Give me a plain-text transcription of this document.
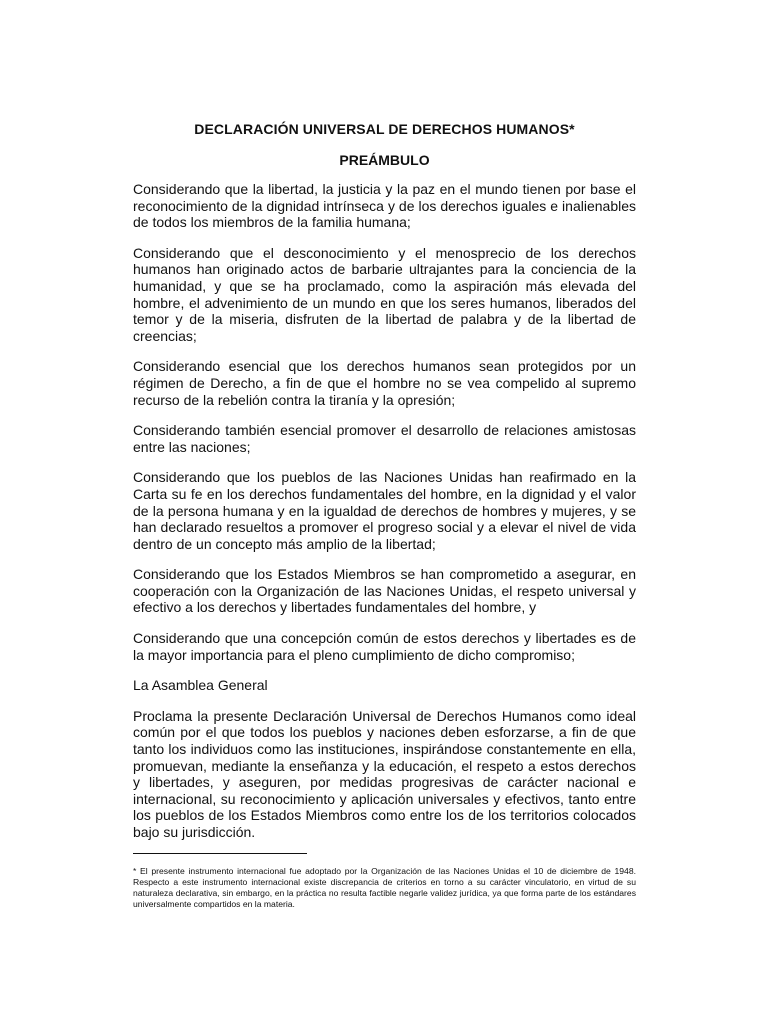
DECLARACIÓN UNIVERSAL DE DERECHOS HUMANOS*
PREÁMBULO

Considerando que la libertad, la justicia y la paz en el mundo tienen por base el reconocimiento de la dignidad intrínseca y de los derechos iguales e inalienables de todos los miembros de la familia humana;

Considerando que el desconocimiento y el menosprecio de los derechos humanos han originado actos de barbarie ultrajantes para la conciencia de la humanidad, y que se ha proclamado, como la aspiración más elevada del hombre, el advenimiento de un mundo en que los seres humanos, liberados del temor y de la miseria, disfruten de la libertad de palabra y de la libertad de creencias;

Considerando esencial que los derechos humanos sean protegidos por un régimen de Derecho, a fin de que el hombre no se vea compelido al supremo recurso de la rebelión contra la tiranía y la opresión;

Considerando también esencial promover el desarrollo de relaciones amistosas entre las naciones;

Considerando que los pueblos de las Naciones Unidas han reafirmado en la Carta su fe en los derechos fundamentales del hombre, en la dignidad y el valor de la persona humana y en la igualdad de derechos de hombres y mujeres, y se han declarado resueltos a promover el progreso social y a elevar el nivel de vida dentro de un concepto más amplio de la libertad;

Considerando que los Estados Miembros se han comprometido a asegurar, en cooperación con la Organización de las Naciones Unidas, el respeto universal y efectivo a los derechos y libertades fundamentales del hombre, y

Considerando que una concepción común de estos derechos y libertades es de la mayor importancia para el pleno cumplimiento de dicho compromiso;

La Asamblea General

Proclama la presente Declaración Universal de Derechos Humanos como ideal común por el que todos los pueblos y naciones deben esforzarse, a fin de que tanto los individuos como las instituciones, inspirándose constantemente en ella, promuevan, mediante la enseñanza y la educación, el respeto a estos derechos y libertades, y aseguren, por medidas progresivas de carácter nacional e internacional, su reconocimiento y aplicación universales y efectivos, tanto entre los pueblos de los Estados Miembros como entre los de los territorios colocados bajo su jurisdicción.

* El presente instrumento internacional fue adoptado por la Organización de las Naciones Unidas el 10 de diciembre de 1948. Respecto a este instrumento internacional existe discrepancia de criterios en torno a su carácter vinculatorio, en virtud de su naturaleza declarativa, sin embargo, en la práctica no resulta factible negarle validez jurídica, ya que forma parte de los estándares universalmente compartidos en la materia.
